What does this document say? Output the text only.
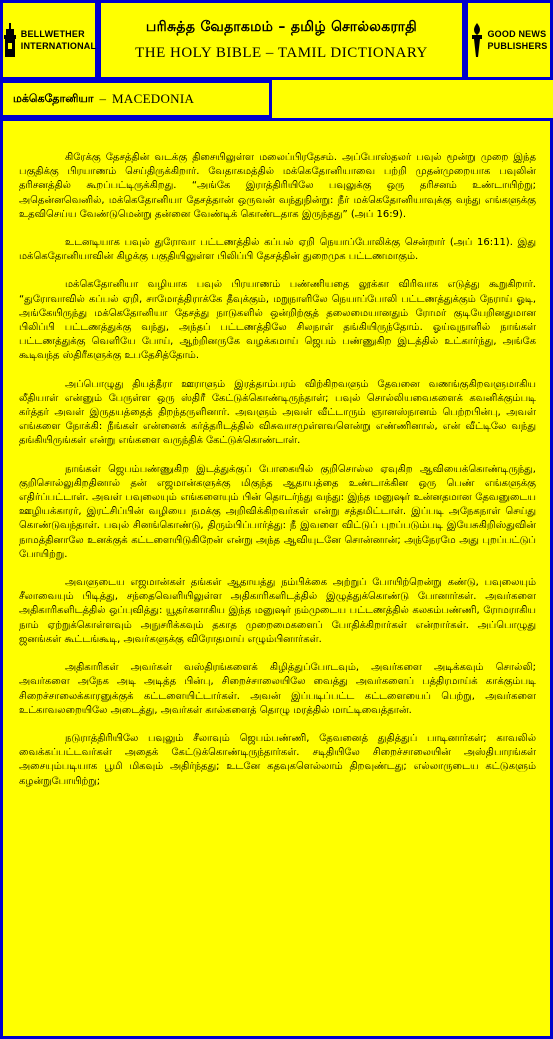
BELLWETHER
INTERNATIONAL
பரிசுத்த வேதாகமம் – தமிழ் சொல்லகராதி
THE HOLY BIBLE – TAMIL DICTIONARY
GOOD NEWS
PUBLISHERS
மக்கெதோனியா – MACEDONIA

கிரேக்கு தேசத்தின் வடக்கு திசையிலுள்ள மலைப்பிரதேசம். அப்போஸ்தலர் பவுல் மூன்று முறை இந்த பகுதிக்கு பிரயாணம் செய்திருக்கிறார். வேதாகமத்தில் மக்கெதோனியாவை பற்றி முதன்முறையாக பவுலின் தரிசனத்தில் கூறப்பட்டிருக்கிறது. “அங்கே இராத்திரியிலே பவுலுக்கு ஒரு தரிசனம் உண்டாயிற்று; அதென்னவெனில், மக்கெதோனியா தேசத்தான் ஒருவன் வந்துநின்று: நீர் மக்கெதோனியாவுக்கு வந்து எங்களுக்கு உதவிசெய்ய வேண்டுமென்று தன்னை வேண்டிக் கொண்டதாக இருந்தது” (அப் 16:9).

உடனடியாக பவுல் துரோவா பட்டணத்தில் கப்பல் ஏறி நெயாப்போலிக்கு சென்றார் (அப் 16:11). இது மக்கெதோனியாவின் கிழக்கு பகுதியிலுள்ள பிலிப்பி தேசத்தின் துறைமுக பட்டணமாகும்.

மக்கெதோனியா வழியாக பவுல் பிரயாணம் பண்ணியதை லூக்கா விரிவாக எடுத்து கூறுகிறார். “துரோவாவில் கப்பல் ஏறி, சாமோத்திராக்கே தீவுக்கும், மறுநாளிலே நெயாப்போலி பட்டணத்துக்கும் நேராய் ஓடி, அங்கேயிருந்து மக்கெதோனியா தேசத்து நாடுகளில் ஒன்றிற்குத் தலைமையானதும் ரோமர் குடியேறினதுமான பிலிப்பி பட்டணத்துக்கு வந்து, அந்தப் பட்டணத்திலே சிலநாள் தங்கியிருந்தோம். ஓய்வுநாளில் நாங்கள் பட்டணத்துக்கு வெளியே போய், ஆற்றினருகே வழக்கமாய் ஜெபம் பண்ணுகிற இடத்தில் உட்கார்ந்து, அங்கே கூடிவந்த ஸ்திரீகளுக்கு உபதேசித்தோம்.

அப்பொழுது தியத்தீரா ஊராளும் இரத்தாம்பரம் விற்கிறவளும் தேவனை வணங்குகிறவளுமாகிய லீதியாள் என்னும் பேருள்ள ஒரு ஸ்திரீ கேட்டுக்கொண்டிருந்தாள்; பவுல் சொல்லியவைகளைக் கவனிக்கும்படி கர்த்தர் அவள் இருதயத்தைத் திறந்தருளினார். அவளும் அவள் வீட்டாரும் ஞானஸ்நானம் பெற்றபின்பு, அவள் எங்களை நோக்கி: நீங்கள் என்னைக் கர்த்தரிடத்தில் விசுவாசமுள்ளவளென்று எண்ணினால், என் வீட்டிலே வந்து தங்கியிருங்கள் என்று எங்களை வருந்திக் கேட்டுக்கொண்டாள்.

நாங்கள் ஜெபம்பண்ணுகிற இடத்துக்குப் போகையில் குறிசொல்ல ஏவுகிற ஆவியைக்கொண்டிருந்து, குறிசொல்லுகிறதினால் தன் எஜமான்களுக்கு மிகுந்த ஆதாயத்தை உண்டாக்கின ஒரு பெண் எங்களுக்கு எதிர்ப்பட்டாள். அவள் பவுலையும் எங்களையும் பின் தொடர்ந்து வந்து: இந்த மனுஷர் உன்னதமான தேவனுடைய ஊழியக்காரர், இரட்சிப்பின் வழியை நமக்கு அறிவிக்கிறவர்கள் என்று சத்தமிட்டாள். இப்படி அநேகநாள் செய்து கொண்டுவந்தாள். பவுல் சினங்கொண்டு, திரும்பிப்பார்த்து: நீ இவளை விட்டுப் புறப்படும்படி இயேசுகிறிஸ்துவின் நாமத்தினாலே உனக்குக் கட்டளையிடுகிறேன் என்று அந்த ஆவியுடனே சொன்னான்; அந்நேரமே அது புறப்பட்டுப் போயிற்று.

அவளுடைய எஜமான்கள் தங்கள் ஆதாயத்து நம்பிக்கை அற்றுப் போயிற்றென்று கண்டு, பவுலையும் சீலாவையும் பிடித்து, சந்தைவெளியிலுள்ள அதிகாரிகளிடத்தில் இழுத்துக்கொண்டு போனார்கள். அவர்களை அதிகாரிகளிடத்தில் ஒப்புவித்து: யூதர்களாகிய இந்த மனுஷர் நம்முடைய பட்டணத்தில் கலகம்பண்ணி, ரோமராகிய நாம் ஏற்றுக்கொள்ளவும் அநுசரிக்கவும் தகாத முறைமைகளைப் போதிக்கிறார்கள் என்றார்கள். அப்பொழுது ஜனங்கள் கூட்டங்கூடி, அவர்களுக்கு விரோதமாய் எழும்பினார்கள்.

அதிகாரிகள் அவர்கள் வஸ்திரங்களைக் கிழித்துப்போடவும், அவர்களை அடிக்கவும் சொல்லி; அவர்களை அநேக அடி அடித்த பின்பு, சிறைச்சாலையிலே வைத்து அவர்களைப் பத்திரமாய்க் காக்கும்படி சிறைச்சாலைக்காரனுக்குக் கட்டளையிட்டார்கள். அவன் இப்படிப்பட்ட கட்டளையைப் பெற்று, அவர்களை உட்காவலறையிலே அடைத்து, அவர்கள் கால்களைத் தொழு மரத்தில் மாட்டிவைத்தான்.

நடுராத்திரியிலே பவுலும் சீலாவும் ஜெபம்பண்ணி, தேவனைத் துதித்துப் பாடினார்கள்; காவலில் வைக்கப்பட்டவர்கள் அதைக் கேட்டுக்கொண்டிருந்தார்கள். சடிதியிலே சிறைச்சாலையின் அஸ்திபாரங்கள் அசையும்படியாக பூமி மிகவும் அதிர்ந்தது; உடனே கதவுகளெல்லாம் திறவுண்டது; எல்லாருடைய கட்டுகளும் கழன்றுபோயிற்று;
